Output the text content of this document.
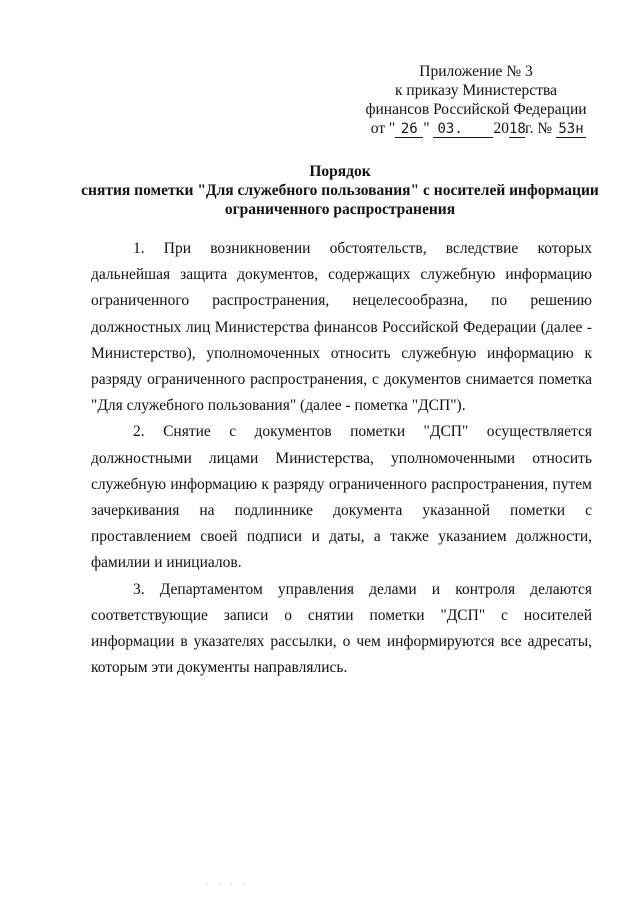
Приложение № 3
к приказу Министерства
финансов Российской Федерации
от " 26 " 03. 2018г. № 53н
Порядок
снятия пометки "Для служебного пользования" с носителей информации
ограниченного распространения

1. При возникновении обстоятельств, вследствие которых дальнейшая защита документов, содержащих служебную информацию ограниченного распространения, нецелесообразна, по решению должностных лиц Министерства финансов Российской Федерации (далее - Министерство), уполномоченных относить служебную информацию к разряду ограниченного распространения, с документов снимается пометка "Для служебного пользования" (далее - пометка "ДСП").

2. Снятие с документов пометки "ДСП" осуществляется должностными лицами Министерства, уполномоченными относить служебную информацию к разряду ограниченного распространения, путем зачеркивания на подлиннике документа указанной пометки с проставлением своей подписи и даты, а также указанием должности, фамилии и инициалов.

3. Департаментом управления делами и контроля делаются соответствующие записи о снятии пометки "ДСП" с носителей информации в указателях рассылки, о чем информируются все адресаты, которым эти документы направлялись.

· · · ·
